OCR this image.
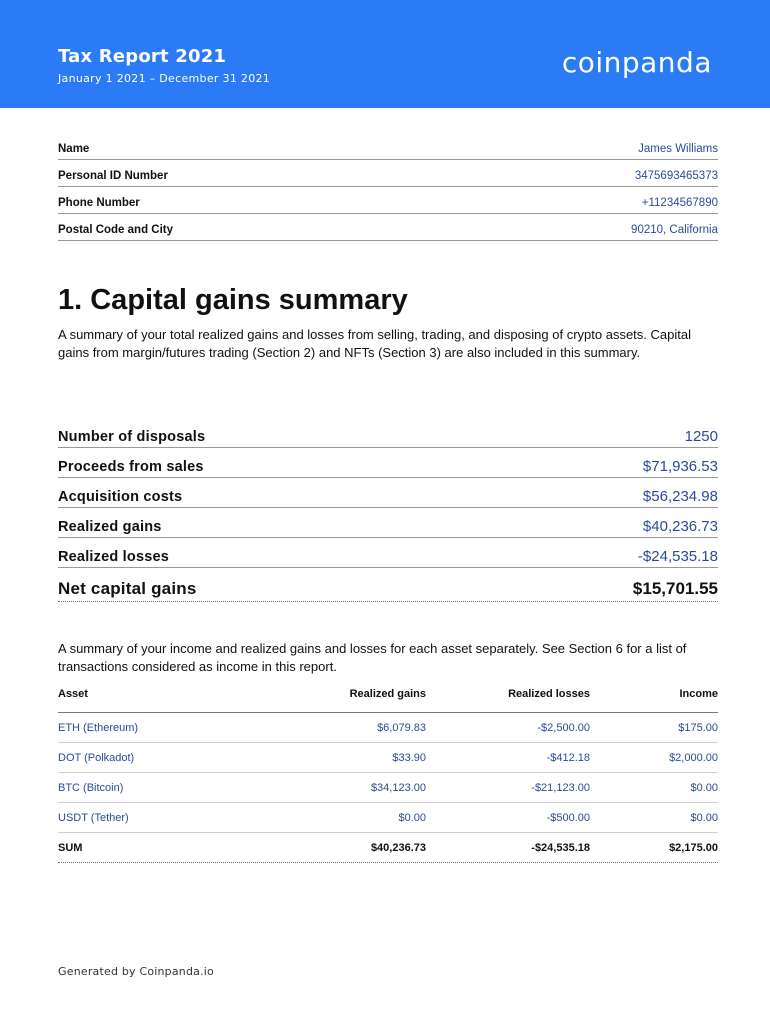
Tax Report 2021
January 1 2021 – December 31 2021	coinpanda
Name	James Williams
Personal ID Number	3475693465373
Phone Number	+11234567890
Postal Code and City	90210, California
1. Capital gains summary
A summary of your total realized gains and losses from selling, trading, and disposing of crypto assets. Capital gains from margin/futures trading (Section 2) and NFTs (Section 3) are also included in this summary.
Number of disposals	1250
Proceeds from sales	$71,936.53
Acquisition costs	$56,234.98
Realized gains	$40,236.73
Realized losses	-$24,535.18
Net capital gains	$15,701.55
A summary of your income and realized gains and losses for each asset separately. See Section 6 for a list of transactions considered as income in this report.
Asset	Realized gains	Realized losses	Income
ETH (Ethereum)	$6,079.83	-$2,500.00	$175.00
DOT (Polkadot)	$33.90	-$412.18	$2,000.00
BTC (Bitcoin)	$34,123.00	-$21,123.00	$0.00
USDT (Tether)	$0.00	-$500.00	$0.00
SUM	$40,236.73	-$24,535.18	$2,175.00
Generated by Coinpanda.io
